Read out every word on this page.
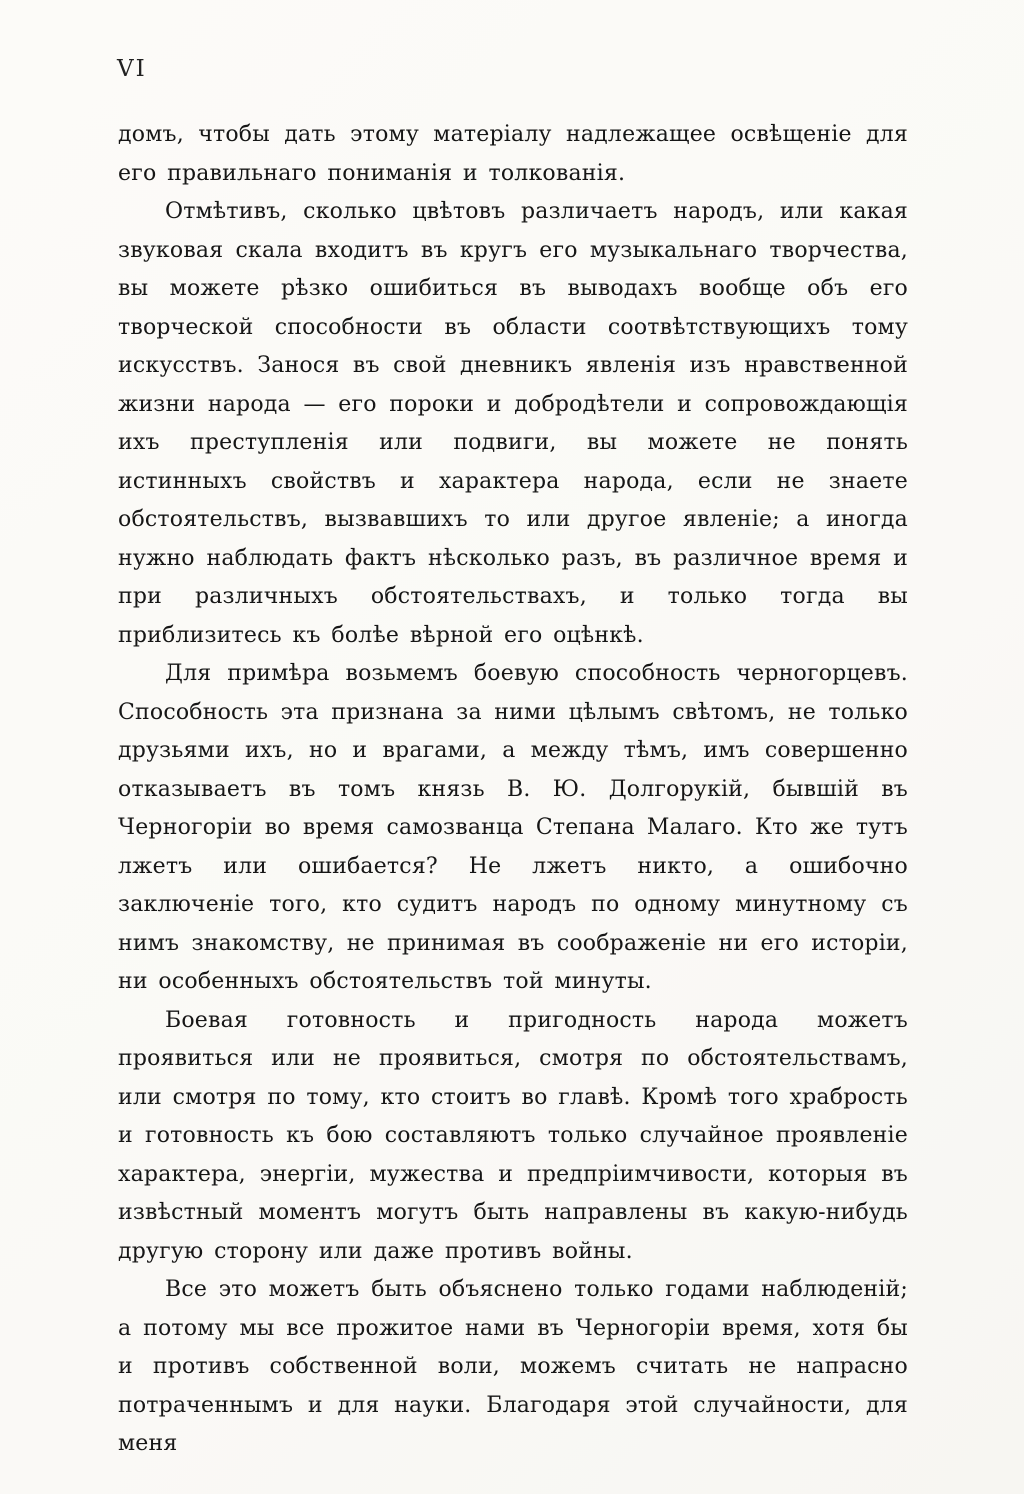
VI

домъ, чтобы дать этому матеріалу надлежащее освѣщеніе для его правильнаго пониманія и толкованія.

Отмѣтивъ, сколько цвѣтовъ различаетъ народъ, или какая звуковая скала входитъ въ кругъ его музыкальнаго творчества, вы можете рѣзко ошибиться въ выводахъ вообще объ его творческой способности въ области соотвѣтствующихъ тому искусствъ. Занося въ свой дневникъ явленія изъ нравственной жизни народа — его пороки и добродѣтели и сопровождающія ихъ преступленія или подвиги, вы можете не понять истинныхъ свойствъ и характера народа, если не знаете обстоятельствъ, вызвавшихъ то или другое явленіе; а иногда нужно наблюдать фактъ нѣсколько разъ, въ различное время и при различныхъ обстоятельствахъ, и только тогда вы приблизитесь къ болѣе вѣрной его оцѣнкѣ.

Для примѣра возьмемъ боевую способность черногорцевъ. Способность эта признана за ними цѣлымъ свѣтомъ, не только друзьями ихъ, но и врагами, а между тѣмъ, имъ совершенно отказываетъ въ томъ князь В. Ю. Долгорукій, бывшій въ Черногоріи во время самозванца Степана Малаго. Кто же тутъ лжетъ или ошибается? Не лжетъ никто, а ошибочно заключеніе того, кто судитъ народъ по одному минутному съ нимъ знакомству, не принимая въ соображеніе ни его исторіи, ни особенныхъ обстоятельствъ той минуты.

Боевая готовность и пригодность народа можетъ проявиться или не проявиться, смотря по обстоятельствамъ, или смотря по тому, кто стоитъ во главѣ. Кромѣ того храбрость и готовность къ бою составляютъ только случайное проявленіе характера, энергіи, мужества и предпріимчивости, которыя въ извѣстный моментъ могутъ быть направлены въ какую-нибудь другую сторону или даже противъ войны.

Все это можетъ быть объяснено только годами наблюденій; а потому мы все прожитое нами въ Черногоріи время, хотя бы и противъ собственной воли, можемъ считать не напрасно потраченнымъ и для науки. Благодаря этой случайности, для меня
